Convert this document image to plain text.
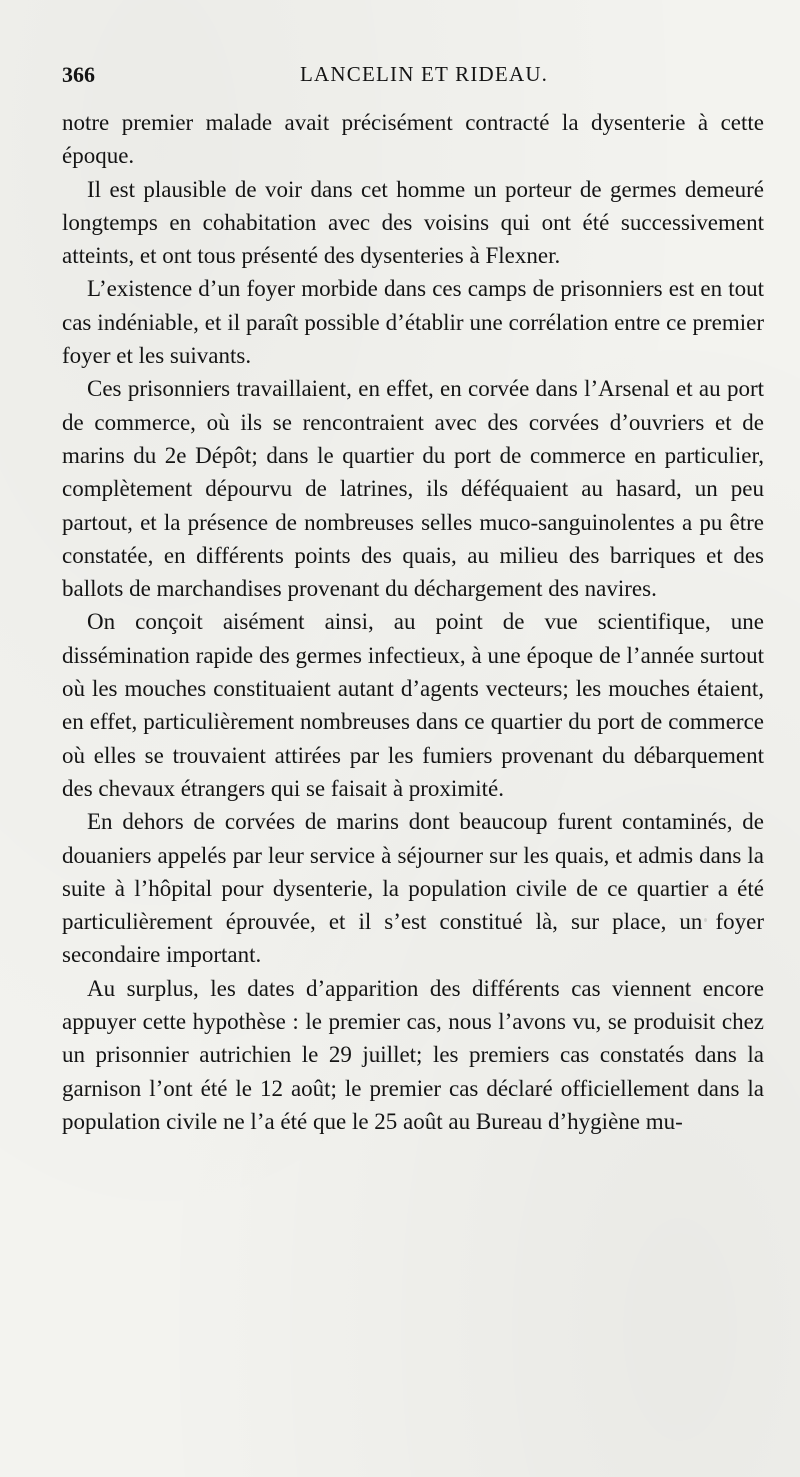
366	LANCELIN ET RIDEAU.

notre premier malade avait précisément contracté la dysenterie à cette époque.

Il est plausible de voir dans cet homme un porteur de germes demeuré longtemps en cohabitation avec des voisins qui ont été successivement atteints, et ont tous présenté des dysenteries à Flexner.

L’existence d’un foyer morbide dans ces camps de prisonniers est en tout cas indéniable, et il paraît possible d’établir une corrélation entre ce premier foyer et les suivants.

Ces prisonniers travaillaient, en effet, en corvée dans l’Arsenal et au port de commerce, où ils se rencontraient avec des corvées d’ouvriers et de marins du 2e Dépôt; dans le quartier du port de commerce en particulier, complètement dépourvu de latrines, ils déféquaient au hasard, un peu partout, et la présence de nombreuses selles muco-sanguinolentes a pu être constatée, en différents points des quais, au milieu des barriques et des ballots de marchandises provenant du déchargement des navires.

On conçoit aisément ainsi, au point de vue scientifique, une dissémination rapide des germes infectieux, à une époque de l’année surtout où les mouches constituaient autant d’agents vecteurs; les mouches étaient, en effet, particulièrement nombreuses dans ce quartier du port de commerce où elles se trouvaient attirées par les fumiers provenant du débarquement des chevaux étrangers qui se faisait à proximité.

En dehors de corvées de marins dont beaucoup furent contaminés, de douaniers appelés par leur service à séjourner sur les quais, et admis dans la suite à l’hôpital pour dysenterie, la population civile de ce quartier a été particulièrement éprouvée, et il s’est constitué là, sur place, un foyer secondaire important.

Au surplus, les dates d’apparition des différents cas viennent encore appuyer cette hypothèse : le premier cas, nous l’avons vu, se produisit chez un prisonnier autrichien le 29 juillet; les premiers cas constatés dans la garnison l’ont été le 12 août; le premier cas déclaré officiellement dans la population civile ne l’a été que le 25 août au Bureau d’hygiène mu-
